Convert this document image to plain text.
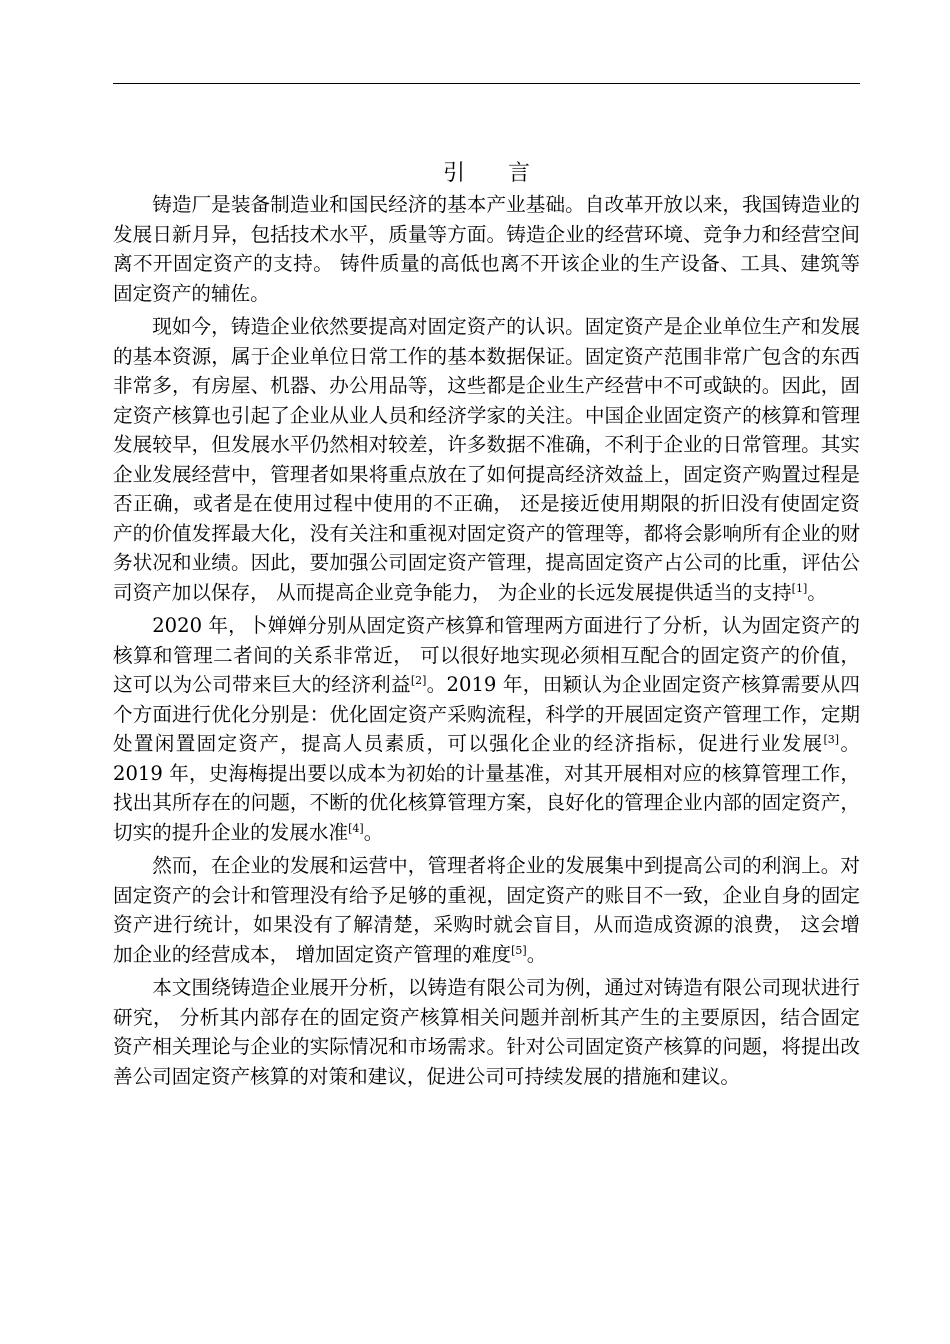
引 言

铸造厂是装备制造业和国民经济的基本产业基础。自改革开放以来，我国铸造业的发展日新月异，包括技术水平，质量等方面。铸造企业的经营环境、竞争力和经营空间离不开固定资产的支持。 铸件质量的高低也离不开该企业的生产设备、工具、建筑等固定资产的辅佐。

现如今，铸造企业依然要提高对固定资产的认识。固定资产是企业单位生产和发展的基本资源，属于企业单位日常工作的基本数据保证。固定资产范围非常广包含的东西非常多，有房屋、机器、办公用品等，这些都是企业生产经营中不可或缺的。因此，固定资产核算也引起了企业从业人员和经济学家的关注。中国企业固定资产的核算和管理发展较早，但发展水平仍然相对较差，许多数据不准确，不利于企业的日常管理。其实企业发展经营中，管理者如果将重点放在了如何提高经济效益上，固定资产购置过程是否正确，或者是在使用过程中使用的不正确， 还是接近使用期限的折旧没有使固定资产的价值发挥最大化，没有关注和重视对固定资产的管理等，都将会影响所有企业的财务状况和业绩。因此，要加强公司固定资产管理，提高固定资产占公司的比重，评估公司资产加以保存， 从而提高企业竞争能力， 为企业的长远发展提供适当的支持[1]。

2020 年，卜婵婵分别从固定资产核算和管理两方面进行了分析，认为固定资产的核算和管理二者间的关系非常近， 可以很好地实现必须相互配合的固定资产的价值，这可以为公司带来巨大的经济利益[2]。2019 年，田颖认为企业固定资产核算需要从四个方面进行优化分别是：优化固定资产采购流程，科学的开展固定资产管理工作，定期处置闲置固定资产，提高人员素质，可以强化企业的经济指标，促进行业发展[3]。2019 年，史海梅提出要以成本为初始的计量基准，对其开展相对应的核算管理工作，找出其所存在的问题，不断的优化核算管理方案，良好化的管理企业内部的固定资产，切实的提升企业的发展水准[4]。

然而，在企业的发展和运营中，管理者将企业的发展集中到提高公司的利润上。对固定资产的会计和管理没有给予足够的重视，固定资产的账目不一致，企业自身的固定资产进行统计，如果没有了解清楚，采购时就会盲目，从而造成资源的浪费， 这会增加企业的经营成本， 增加固定资产管理的难度[5]。

本文围绕铸造企业展开分析，以铸造有限公司为例，通过对铸造有限公司现状进行研究， 分析其内部存在的固定资产核算相关问题并剖析其产生的主要原因，结合固定资产相关理论与企业的实际情况和市场需求。针对公司固定资产核算的问题，将提出改善公司固定资产核算的对策和建议，促进公司可持续发展的措施和建议。
